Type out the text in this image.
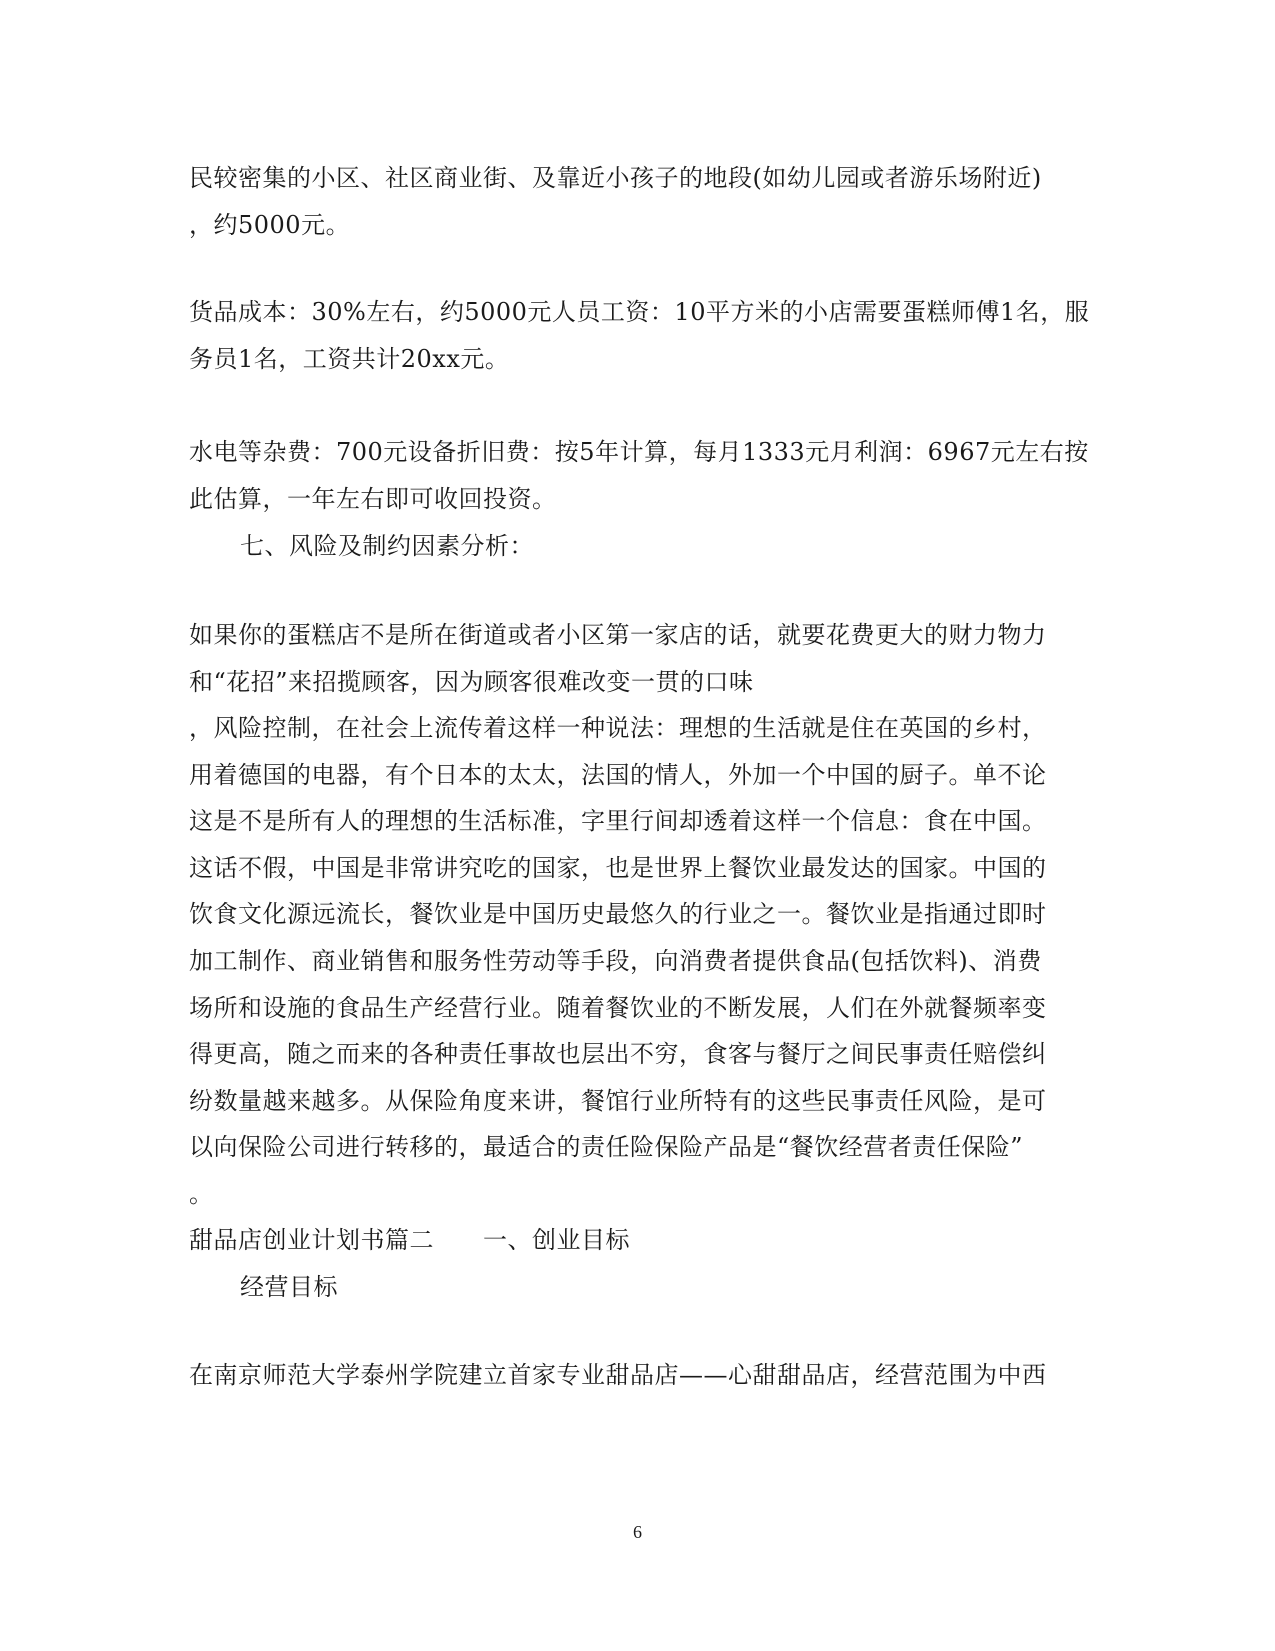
民较密集的小区、社区商业街、及靠近小孩子的地段(如幼儿园或者游乐场附近)
，约5000元。
货品成本：30%左右，约5000元人员工资：10平方米的小店需要蛋糕师傅1名，服
务员1名，工资共计20xx元。
水电等杂费：700元设备折旧费：按5年计算，每月1333元月利润：6967元左右按
此估算，一年左右即可收回投资。
七、风险及制约因素分析：
如果你的蛋糕店不是所在街道或者小区第一家店的话，就要花费更大的财力物力
和“花招”来招揽顾客，因为顾客很难改变一贯的口味
，风险控制，在社会上流传着这样一种说法：理想的生活就是住在英国的乡村，
用着德国的电器，有个日本的太太，法国的情人，外加一个中国的厨子。单不论
这是不是所有人的理想的生活标准，字里行间却透着这样一个信息：食在中国。
这话不假，中国是非常讲究吃的国家，也是世界上餐饮业最发达的国家。中国的
饮食文化源远流长，餐饮业是中国历史最悠久的行业之一。餐饮业是指通过即时
加工制作、商业销售和服务性劳动等手段，向消费者提供食品(包括饮料)、消费
场所和设施的食品生产经营行业。随着餐饮业的不断发展，人们在外就餐频率变
得更高，随之而来的各种责任事故也层出不穷，食客与餐厅之间民事责任赔偿纠
纷数量越来越多。从保险角度来讲，餐馆行业所特有的这些民事责任风险，是可
以向保险公司进行转移的，最适合的责任险保险产品是“餐饮经营者责任保险”
。
甜品店创业计划书篇二　　一、创业目标
经营目标
在南京师范大学泰州学院建立首家专业甜品店——心甜甜品店，经营范围为中西
6
